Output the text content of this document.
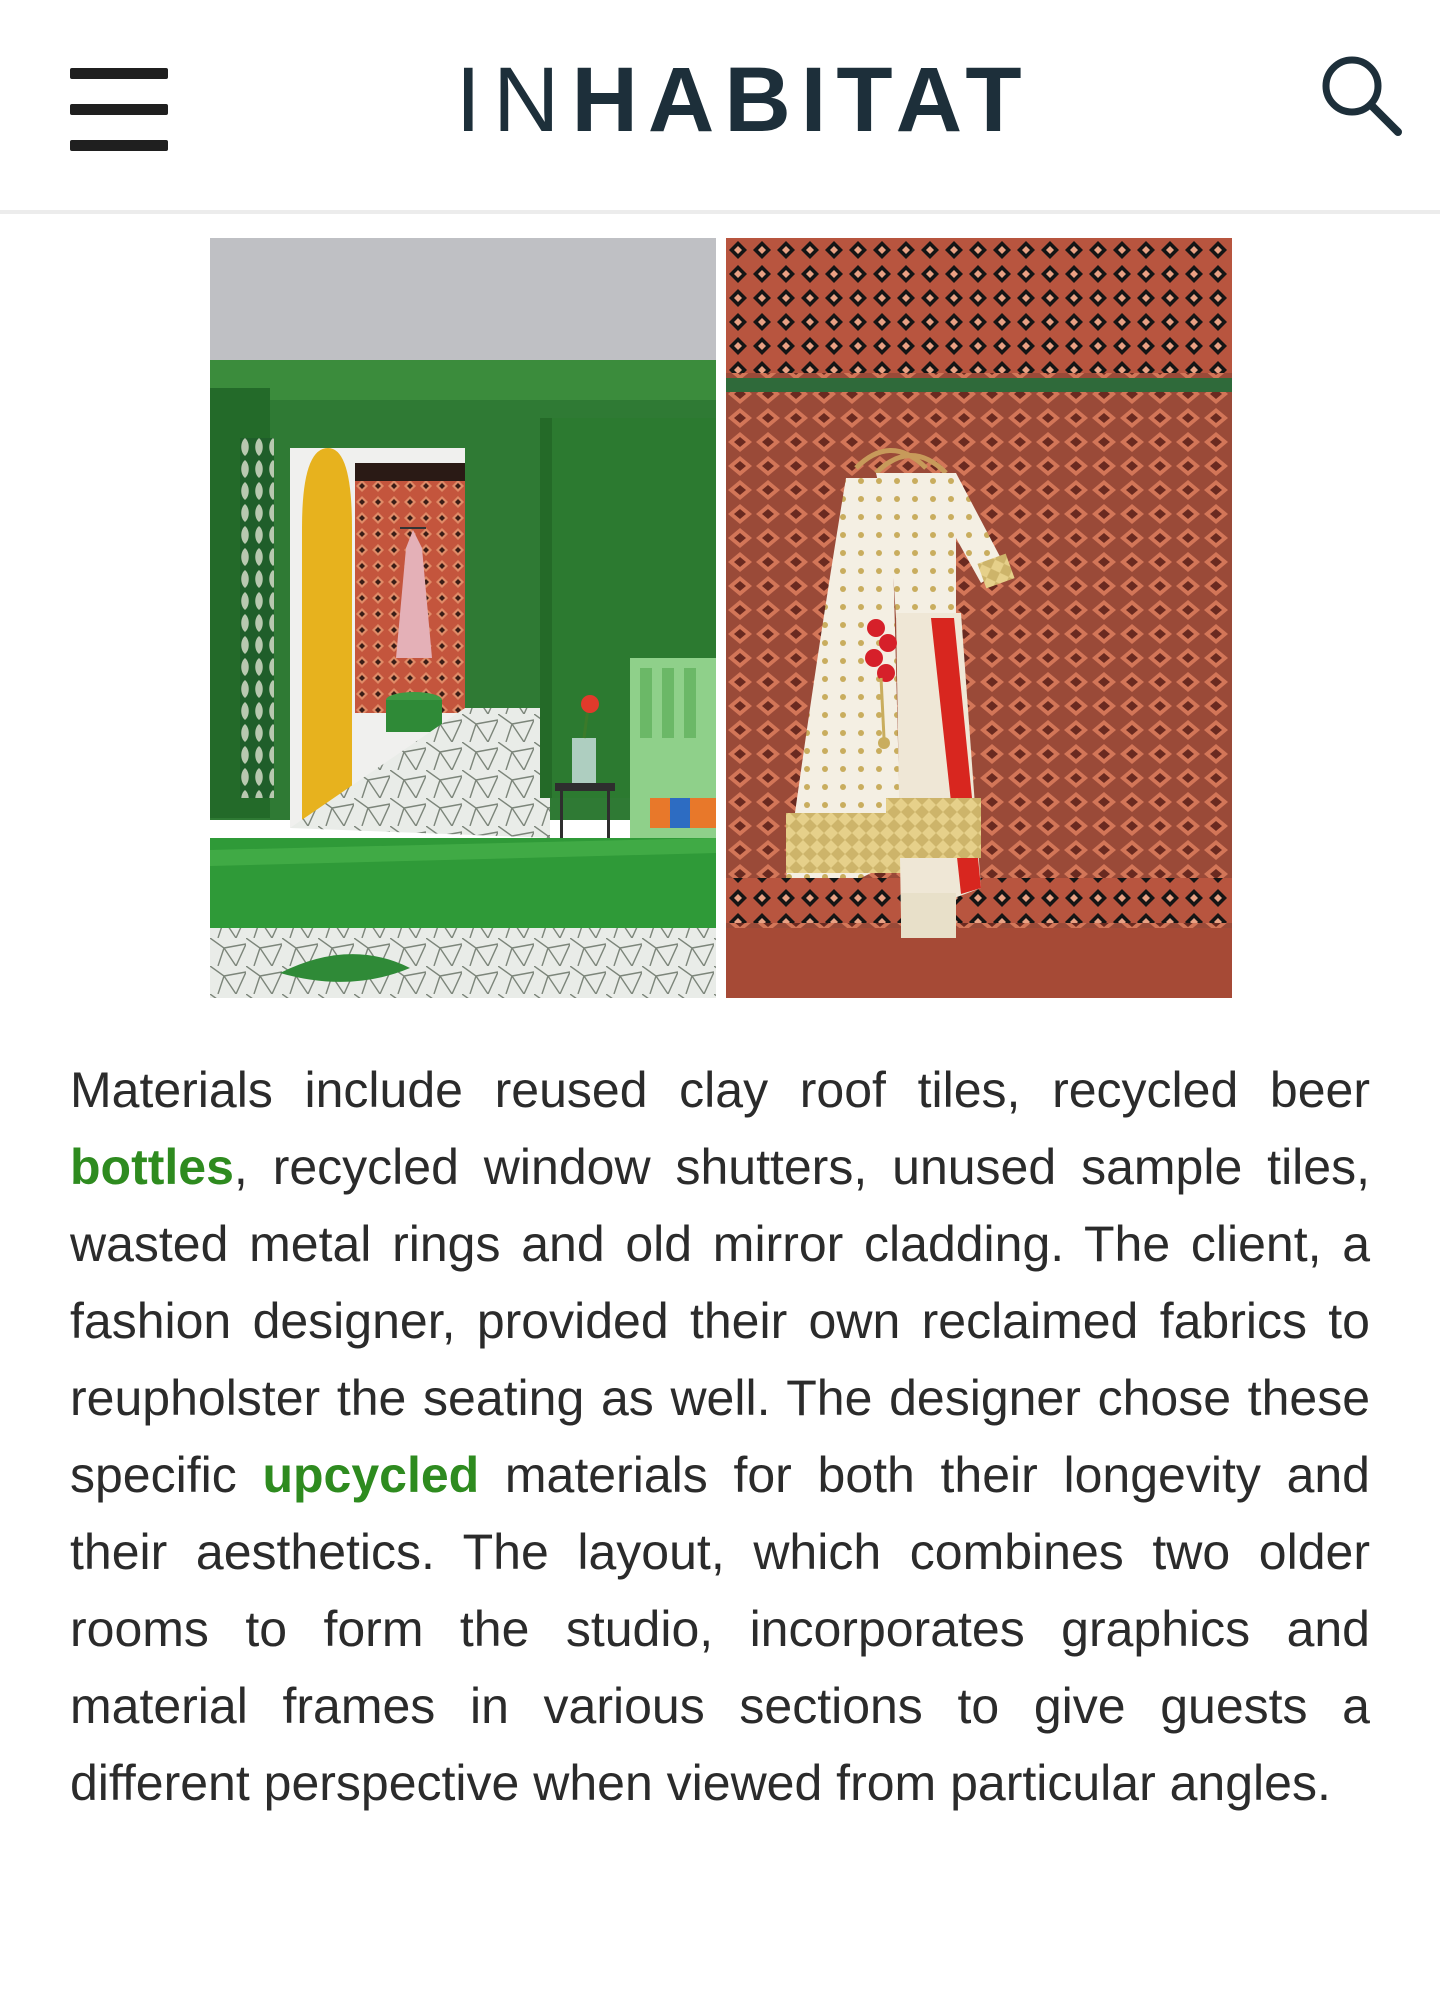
IN HABITAT

Materials include reused clay roof tiles, recycled beer bottles, recycled window shutters, unused sample tiles, wasted metal rings and old mirror cladding. The client, a fashion designer, provided their own reclaimed fabrics to reupholster the seating as well. The designer chose these specific upcycled materials for both their longevity and their aesthetics. The layout, which combines two older rooms to form the studio, incorporates graphics and material frames in various sections to give guests a different perspective when viewed from particular angles.
